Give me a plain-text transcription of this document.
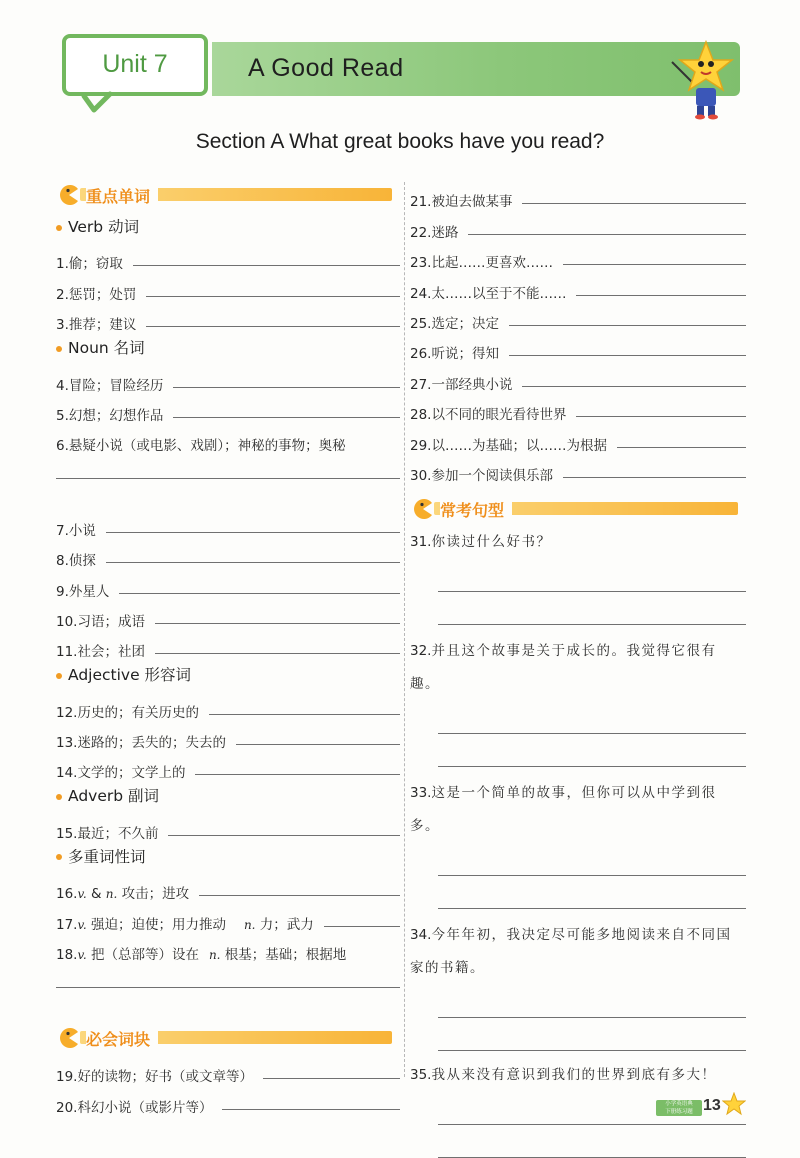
Unit 7	A Good Read
Section A What great books have you read?
重点单词
Verb 动词
1. 偷；窃取
2. 惩罚；处罚
3. 推荐；建议
Noun 名词
4. 冒险；冒险经历
5. 幻想；幻想作品
6. 悬疑小说（或电影、戏剧）；神秘的事物；奥秘
7. 小说
8. 侦探
9. 外星人
10. 习语；成语
11. 社会；社团
Adjective 形容词
12. 历史的；有关历史的
13. 迷路的；丢失的；失去的
14. 文学的；文学上的
Adverb 副词
15. 最近；不久前
多重词性词
16. v. & n. 攻击；进攻
17. v. 强迫；迫使；用力推动 n. 力；武力
18. v. 把（总部等）设在 n. 根基；基础；根据地
必会词块
19. 好的读物；好书（或文章等）
20. 科幻小说（或影片等）
21. 被迫去做某事
22. 迷路
23. 比起……更喜欢……
24. 太……以至于不能……
25. 选定；决定
26. 听说；得知
27. 一部经典小说
28. 以不同的眼光看待世界
29. 以……为基础；以……为根据
30. 参加一个阅读俱乐部
常考句型
31.你读过什么好书？
32.并且这个故事是关于成长的。我觉得它很有趣。
33.这是一个简单的故事，但你可以从中学到很多。
34.今年年初，我决定尽可能多地阅读来自不同国家的书籍。
35.我从来没有意识到我们的世界到底有多大！
小学英语典
下册练习题 13
